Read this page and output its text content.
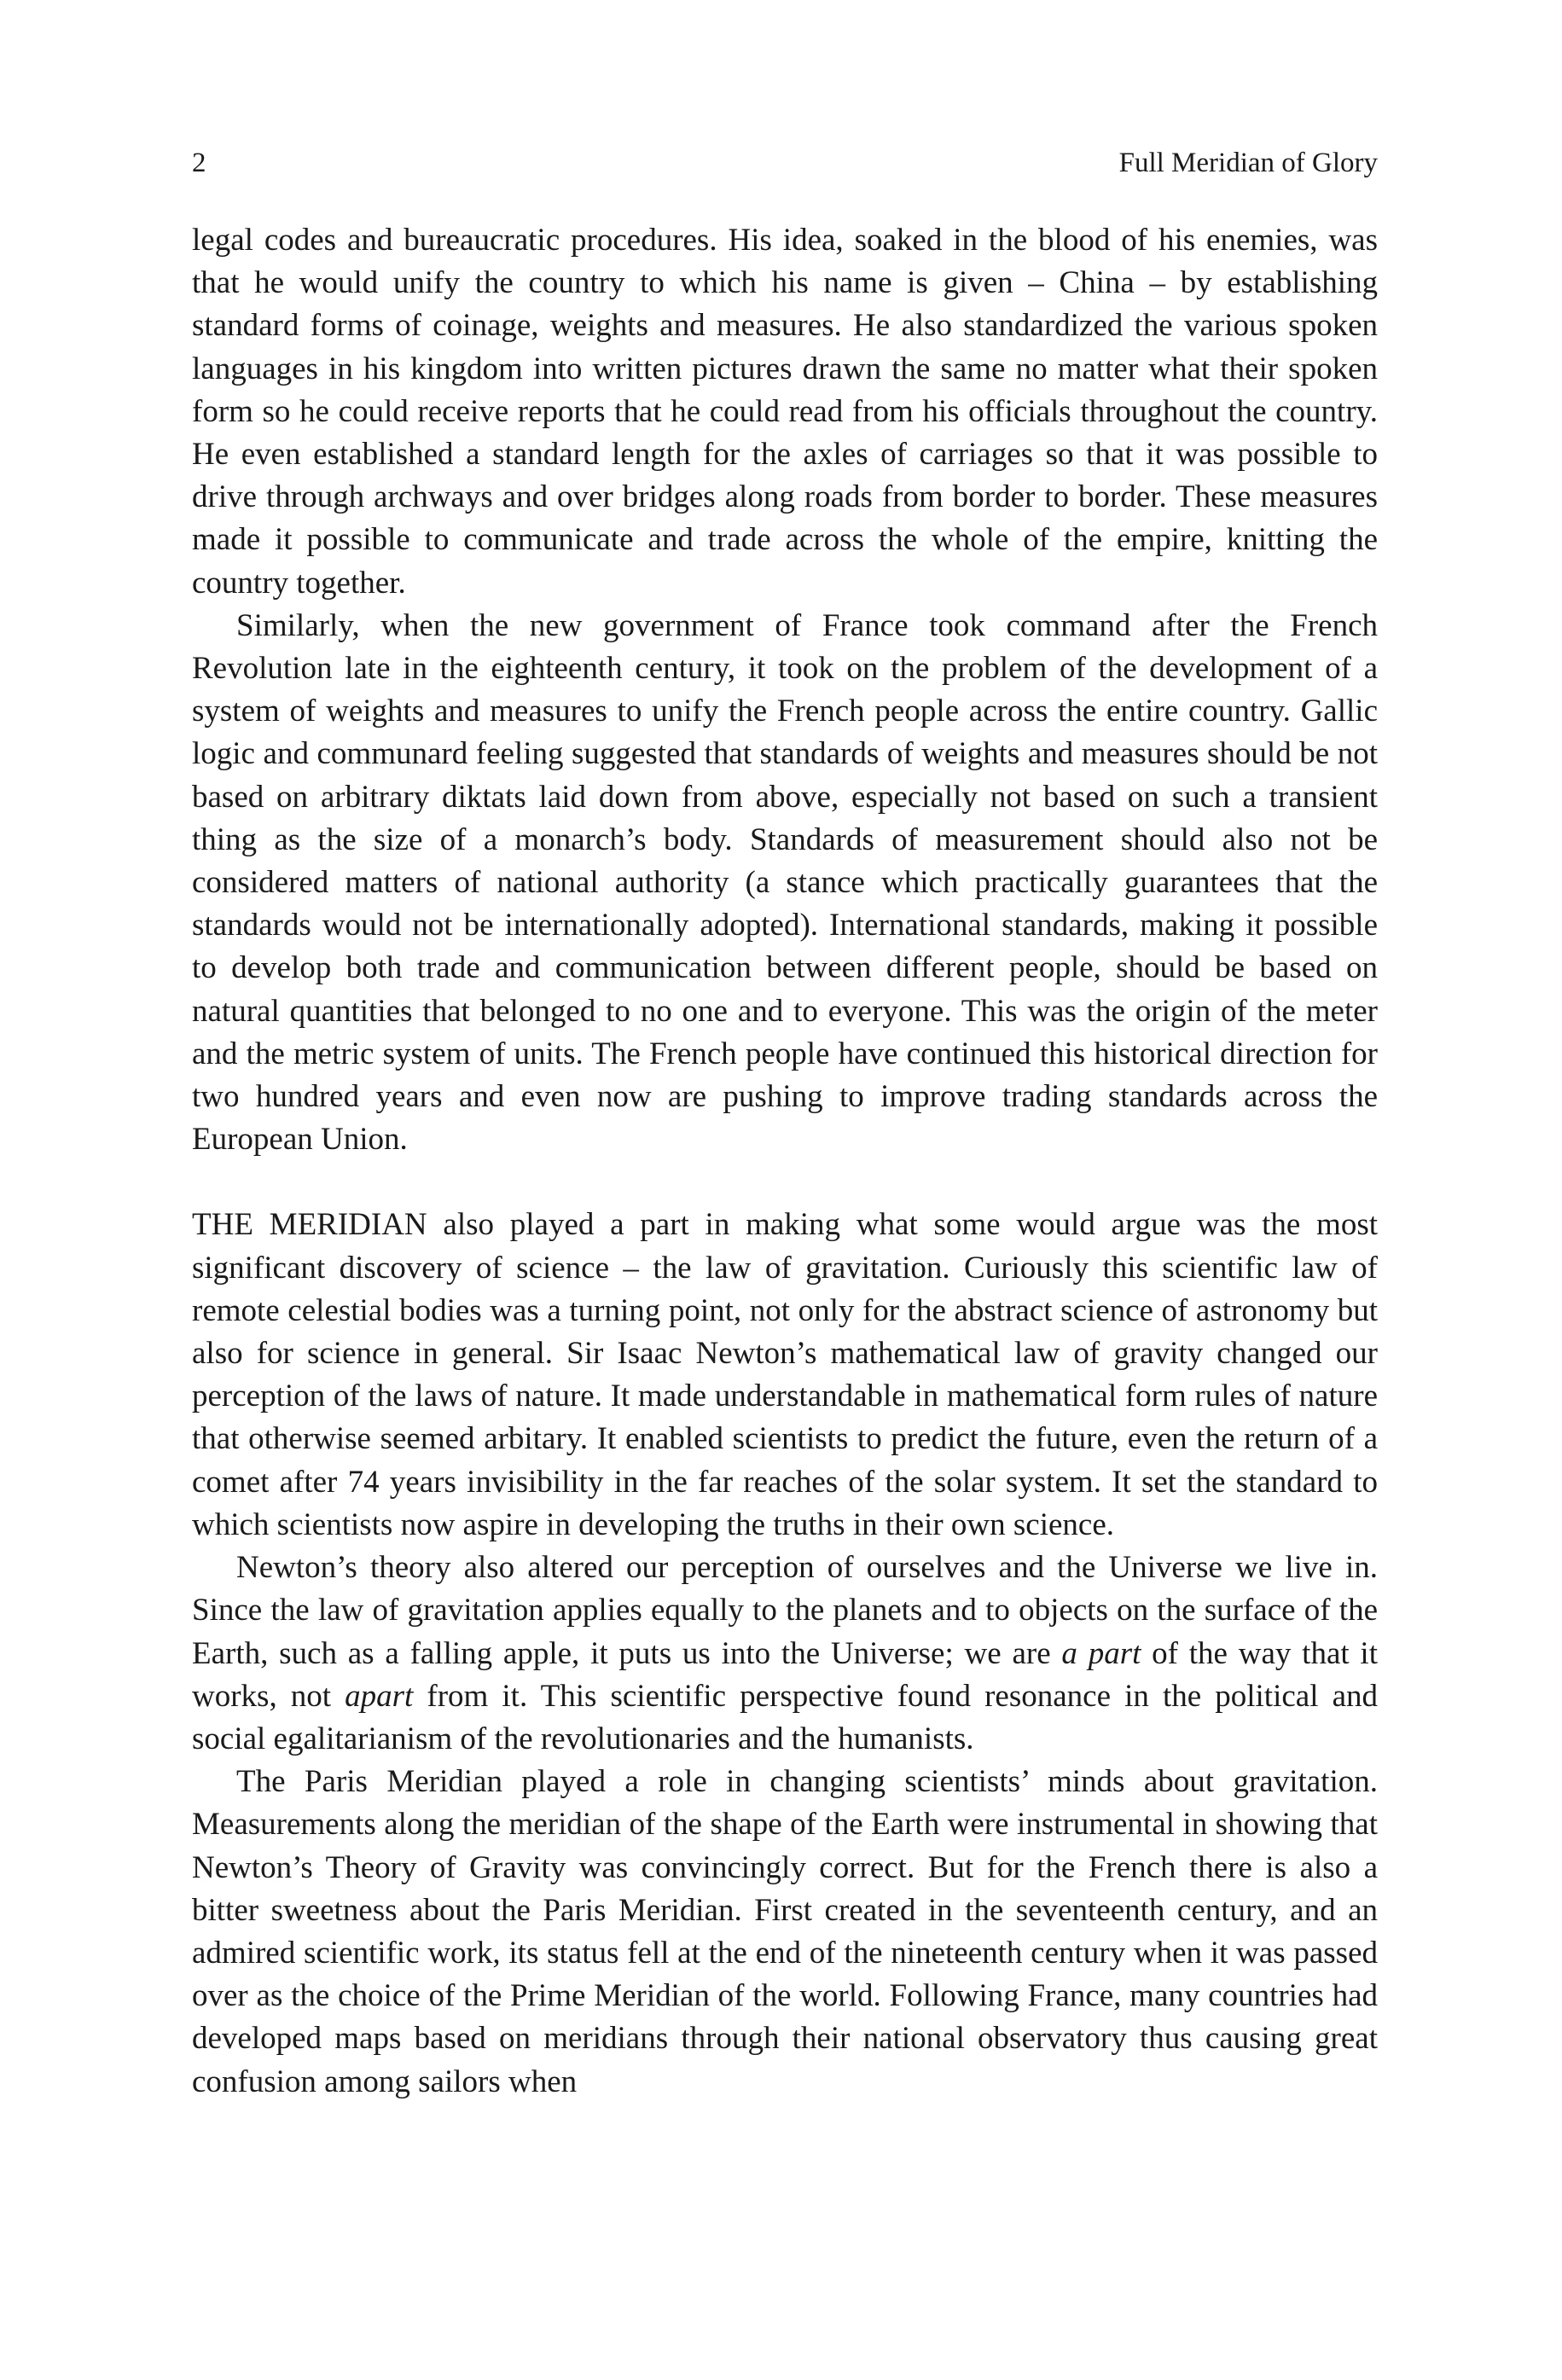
2	Full Meridian of Glory

legal codes and bureaucratic procedures. His idea, soaked in the blood of his enemies, was that he would unify the country to which his name is given – China – by establishing standard forms of coinage, weights and measures. He also standardized the various spoken languages in his kingdom into written pictures drawn the same no matter what their spoken form so he could receive reports that he could read from his officials throughout the country. He even established a standard length for the axles of carriages so that it was possible to drive through archways and over bridges along roads from border to border. These measures made it possible to communicate and trade across the whole of the empire, knitting the country together.

Similarly, when the new government of France took command after the French Revolution late in the eighteenth century, it took on the problem of the development of a system of weights and measures to unify the French people across the entire country. Gallic logic and communard feeling suggested that standards of weights and measures should be not based on arbitrary diktats laid down from above, especially not based on such a transient thing as the size of a monarch’s body. Standards of measurement should also not be considered matters of national authority (a stance which practically guarantees that the standards would not be internationally adopted). International standards, making it possible to develop both trade and communication between different people, should be based on natural quantities that belonged to no one and to everyone. This was the origin of the meter and the metric system of units. The French people have continued this historical direction for two hundred years and even now are pushing to improve trading standards across the European Union.

THE MERIDIAN also played a part in making what some would argue was the most significant discovery of science – the law of gravitation. Curiously this scientific law of remote celestial bodies was a turning point, not only for the abstract science of astronomy but also for science in general. Sir Isaac Newton’s mathematical law of gravity changed our perception of the laws of nature. It made understandable in mathematical form rules of nature that otherwise seemed arbitary. It enabled scientists to predict the future, even the return of a comet after 74 years invisibility in the far reaches of the solar system. It set the standard to which scientists now aspire in developing the truths in their own science.

Newton’s theory also altered our perception of ourselves and the Universe we live in. Since the law of gravitation applies equally to the planets and to objects on the surface of the Earth, such as a falling apple, it puts us into the Universe; we are a part of the way that it works, not apart from it. This scientific perspective found resonance in the political and social egalitarianism of the revolutionaries and the humanists.

The Paris Meridian played a role in changing scientists’ minds about gravitation. Measurements along the meridian of the shape of the Earth were instrumental in showing that Newton’s Theory of Gravity was convincingly correct. But for the French there is also a bitter sweetness about the Paris Meridian. First created in the seventeenth century, and an admired scientific work, its status fell at the end of the nineteenth century when it was passed over as the choice of the Prime Meridian of the world. Following France, many countries had developed maps based on meridians through their national observatory thus causing great confusion among sailors when
